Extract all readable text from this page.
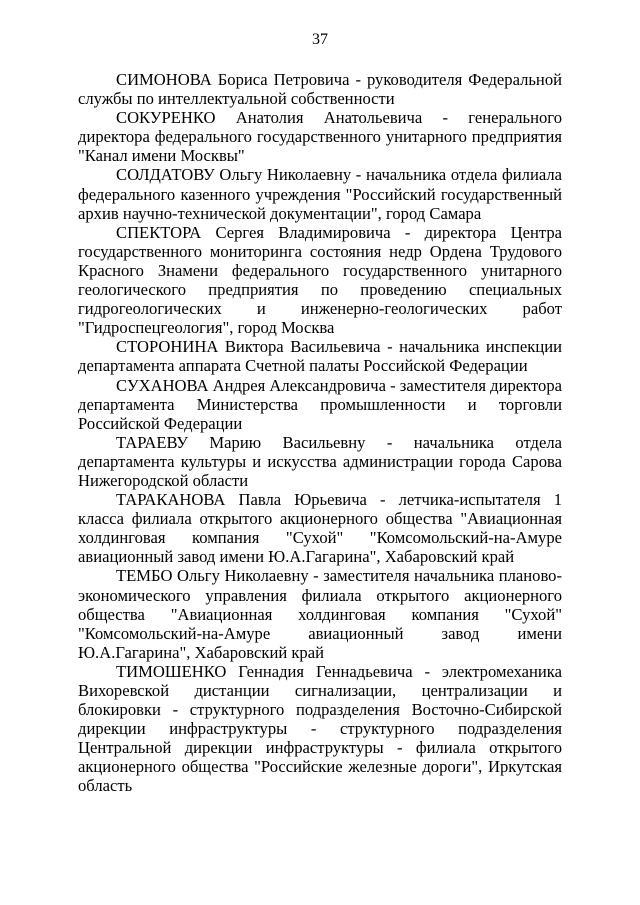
37

СИМОНОВА Бориса Петровича - руководителя Федеральной службы по интеллектуальной собственности

СОКУРЕНКО Анатолия Анатольевича - генерального директора федерального государственного унитарного предприятия "Канал имени Москвы"

СОЛДАТОВУ Ольгу Николаевну - начальника отдела филиала федерального казенного учреждения "Российский государственный архив научно-технической документации", город Самара

СПЕКТОРА Сергея Владимировича - директора Центра государственного мониторинга состояния недр Ордена Трудового Красного Знамени федерального государственного унитарного геологического предприятия по проведению специальных гидрогеологических и инженерно-геологических работ "Гидроспецгеология", город Москва

СТОРОНИНА Виктора Васильевича - начальника инспекции департамента аппарата Счетной палаты Российской Федерации

СУХАНОВА Андрея Александровича - заместителя директора департамента Министерства промышленности и торговли Российской Федерации

ТАРАЕВУ Марию Васильевну - начальника отдела департамента культуры и искусства администрации города Сарова Нижегородской области

ТАРАКАНОВА Павла Юрьевича - летчика-испытателя 1 класса филиала открытого акционерного общества "Авиационная холдинговая компания "Сухой" "Комсомольский-на-Амуре авиационный завод имени Ю.А.Гагарина", Хабаровский край

ТЕМБО Ольгу Николаевну - заместителя начальника планово-экономического управления филиала открытого акционерного общества "Авиационная холдинговая компания "Сухой" "Комсомольский-на-Амуре авиационный завод имени Ю.А.Гагарина", Хабаровский край

ТИМОШЕНКО Геннадия Геннадьевича - электромеханика Вихоревской дистанции сигнализации, централизации и блокировки - структурного подразделения Восточно-Сибирской дирекции инфраструктуры - структурного подразделения Центральной дирекции инфраструктуры - филиала открытого акционерного общества "Российские железные дороги", Иркутская область
